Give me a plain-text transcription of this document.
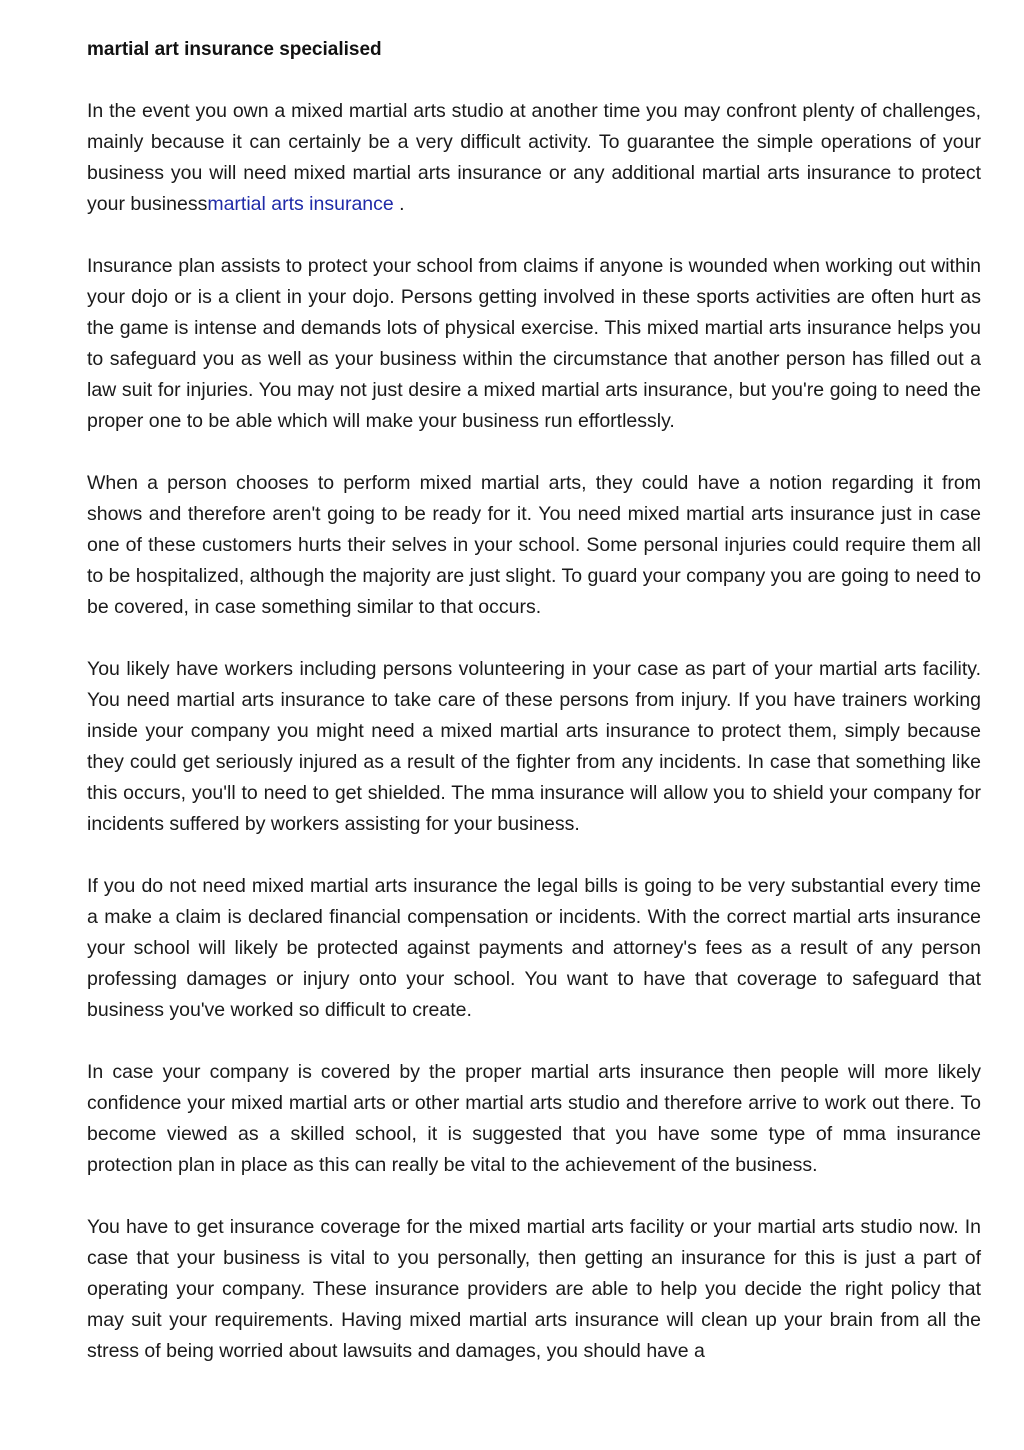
martial art insurance specialised

In the event you own a mixed martial arts studio at another time you may confront plenty of challenges, mainly because it can certainly be a very difficult activity. To guarantee the simple operations of your business you will need mixed martial arts insurance or any additional martial arts insurance to protect your businessmartial arts insurance .

Insurance plan assists to protect your school from claims if anyone is wounded when working out within your dojo or is a client in your dojo. Persons getting involved in these sports activities are often hurt as the game is intense and demands lots of physical exercise. This mixed martial arts insurance helps you to safeguard you as well as your business within the circumstance that another person has filled out a law suit for injuries. You may not just desire a mixed martial arts insurance, but you're going to need the proper one to be able which will make your business run effortlessly.

When a person chooses to perform mixed martial arts, they could have a notion regarding it from shows and therefore aren't going to be ready for it. You need mixed martial arts insurance just in case one of these customers hurts their selves in your school. Some personal injuries could require them all to be hospitalized, although the majority are just slight. To guard your company you are going to need to be covered, in case something similar to that occurs.

You likely have workers including persons volunteering in your case as part of your martial arts facility. You need martial arts insurance to take care of these persons from injury. If you have trainers working inside your company you might need a mixed martial arts insurance to protect them, simply because they could get seriously injured as a result of the fighter from any incidents. In case that something like this occurs, you'll to need to get shielded. The mma insurance will allow you to shield your company for incidents suffered by workers assisting for your business.

If you do not need mixed martial arts insurance the legal bills is going to be very substantial every time a make a claim is declared financial compensation or incidents. With the correct martial arts insurance your school will likely be protected against payments and attorney's fees as a result of any person professing damages or injury onto your school. You want to have that coverage to safeguard that business you've worked so difficult to create.

In case your company is covered by the proper martial arts insurance then people will more likely confidence your mixed martial arts or other martial arts studio and therefore arrive to work out there. To become viewed as a skilled school, it is suggested that you have some type of mma insurance protection plan in place as this can really be vital to the achievement of the business.

You have to get insurance coverage for the mixed martial arts facility or your martial arts studio now. In case that your business is vital to you personally, then getting an insurance for this is just a part of operating your company. These insurance providers are able to help you decide the right policy that may suit your requirements. Having mixed martial arts insurance will clean up your brain from all the stress of being worried about lawsuits and damages, you should have a
